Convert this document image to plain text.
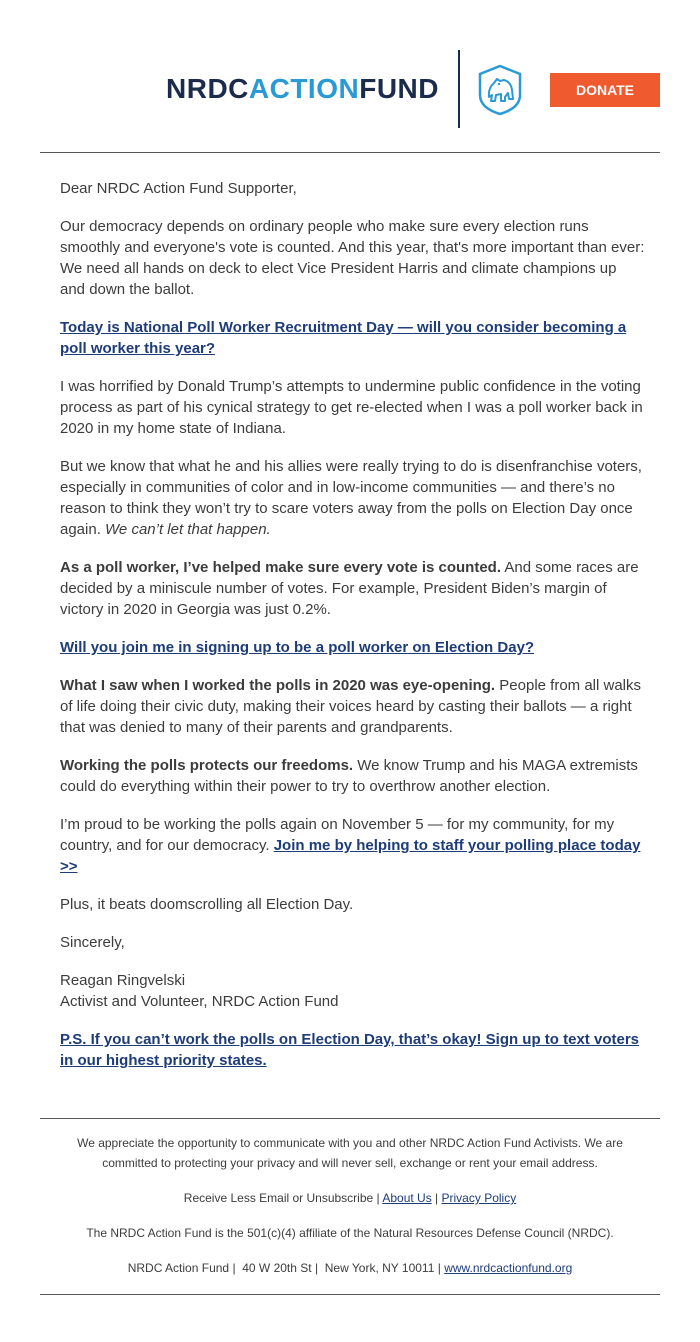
NRDCACTIONFUND	DONATE

Dear NRDC Action Fund Supporter,

Our democracy depends on ordinary people who make sure every election runs smoothly and everyone's vote is counted. And this year, that's more important than ever: We need all hands on deck to elect Vice President Harris and climate champions up and down the ballot.

Today is National Poll Worker Recruitment Day — will you consider becoming a poll worker this year?

I was horrified by Donald Trump’s attempts to undermine public confidence in the voting process as part of his cynical strategy to get re-elected when I was a poll worker back in 2020 in my home state of Indiana.

But we know that what he and his allies were really trying to do is disenfranchise voters, especially in communities of color and in low-income communities — and there’s no reason to think they won’t try to scare voters away from the polls on Election Day once again. We can’t let that happen.

As a poll worker, I’ve helped make sure every vote is counted. And some races are decided by a miniscule number of votes. For example, President Biden’s margin of victory in 2020 in Georgia was just 0.2%.

Will you join me in signing up to be a poll worker on Election Day?

What I saw when I worked the polls in 2020 was eye-opening. People from all walks of life doing their civic duty, making their voices heard by casting their ballots — a right that was denied to many of their parents and grandparents.

Working the polls protects our freedoms. We know Trump and his MAGA extremists could do everything within their power to try to overthrow another election.

I’m proud to be working the polls again on November 5 — for my community, for my country, and for our democracy. Join me by helping to staff your polling place today >>

Plus, it beats doomscrolling all Election Day.

Sincerely,

Reagan Ringvelski
Activist and Volunteer, NRDC Action Fund

P.S. If you can’t work the polls on Election Day, that’s okay! Sign up to text voters in our highest priority states.

We appreciate the opportunity to communicate with you and other NRDC Action Fund Activists. We are committed to protecting your privacy and will never sell, exchange or rent your email address.

Receive Less Email or Unsubscribe | About Us | Privacy Policy

The NRDC Action Fund is the 501(c)(4) affiliate of the Natural Resources Defense Council (NRDC).

NRDC Action Fund | 40 W 20th St | New York, NY 10011 | www.nrdcactionfund.org
